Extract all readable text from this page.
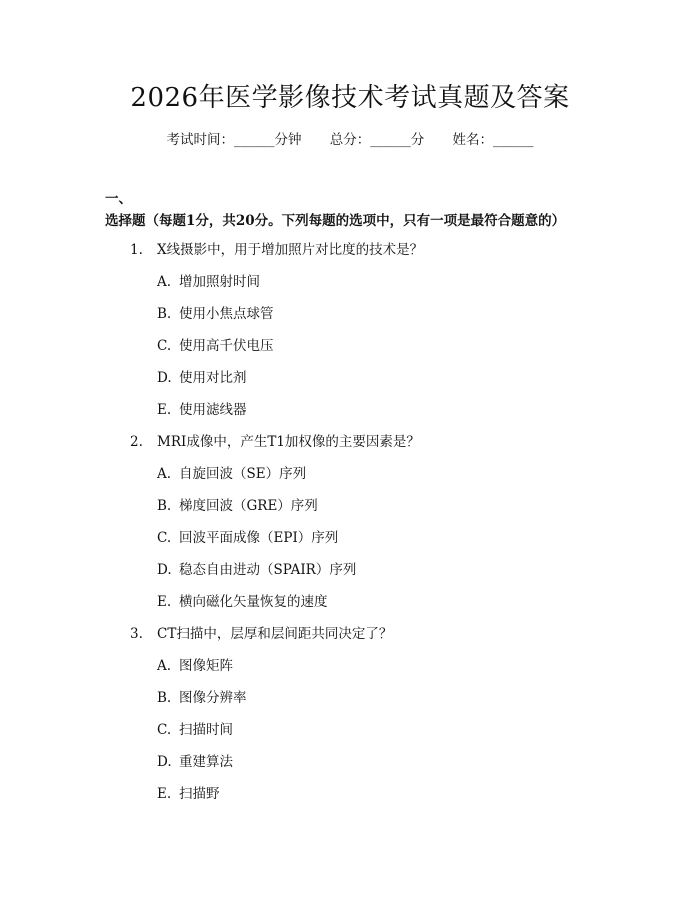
2026年医学影像技术考试真题及答案
考试时间：______分钟 总分：______分 姓名：______
一、选择题（每题1分，共20分。下列每题的选项中，只有一项是最符合题意的）
1. X线摄影中，用于增加照片对比度的技术是？
A. 增加照射时间
B. 使用小焦点球管
C. 使用高千伏电压
D. 使用对比剂
E. 使用滤线器
2. MRI成像中，产生T1加权像的主要因素是？
A. 自旋回波（SE）序列
B. 梯度回波（GRE）序列
C. 回波平面成像（EPI）序列
D. 稳态自由进动（SPAIR）序列
E. 横向磁化矢量恢复的速度
3. CT扫描中，层厚和层间距共同决定了？
A. 图像矩阵
B. 图像分辨率
C. 扫描时间
D. 重建算法
E. 扫描野
